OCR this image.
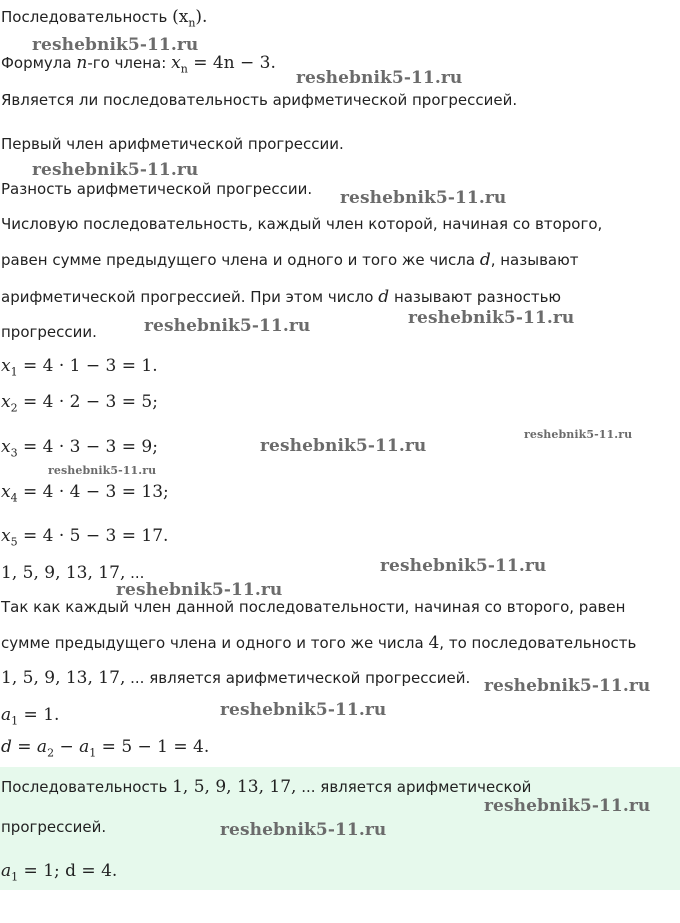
Последовательность $(x_n)$.
Формула n-го члена: $x_n = 4n - 3$.
Является ли последовательность арифметической прогрессией.
Первый член арифметической прогрессии.
Разность арифметической прогрессии.
Числовую последовательность, каждый член которой, начиная со второго,
равен сумме предыдущего члена и одного и того же числа d, называют
арифметической прогрессией. При этом число d называют разностью
прогрессии.
$x_1 = 4 \cdot 1 - 3 = 1$.
$x_2 = 4 \cdot 2 - 3 = 5$;
$x_3 = 4 \cdot 3 - 3 = 9$;
$x_4 = 4 \cdot 4 - 3 = 13$;
$x_5 = 4 \cdot 5 - 3 = 17$.
1, 5, 9, 13, 17, ...
Так как каждый член данной последовательности, начиная со второго, равен
сумме предыдущего члена и одного и того же числа 4, то последовательность
1, 5, 9, 13, 17, ... является арифметической прогрессией.
$a_1 = 1$.
$d = a_2 - a_1 = 5 - 1 = 4$.
Последовательность 1, 5, 9, 13, 17, ... является арифметической
прогрессией.
$a_1 = 1$; d = 4.
reshebnik5-11.ru
reshebnik5-11.ru
reshebnik5-11.ru
reshebnik5-11.ru
reshebnik5-11.ru	reshebnik5-11.ru
reshebnik5-11.ru
reshebnik5-11.ru
reshebnik5-11.ru
reshebnik5-11.ru
reshebnik5-11.ru
reshebnik5-11.ru
reshebnik5-11.ru
reshebnik5-11.ru
reshebnik5-11.ru
